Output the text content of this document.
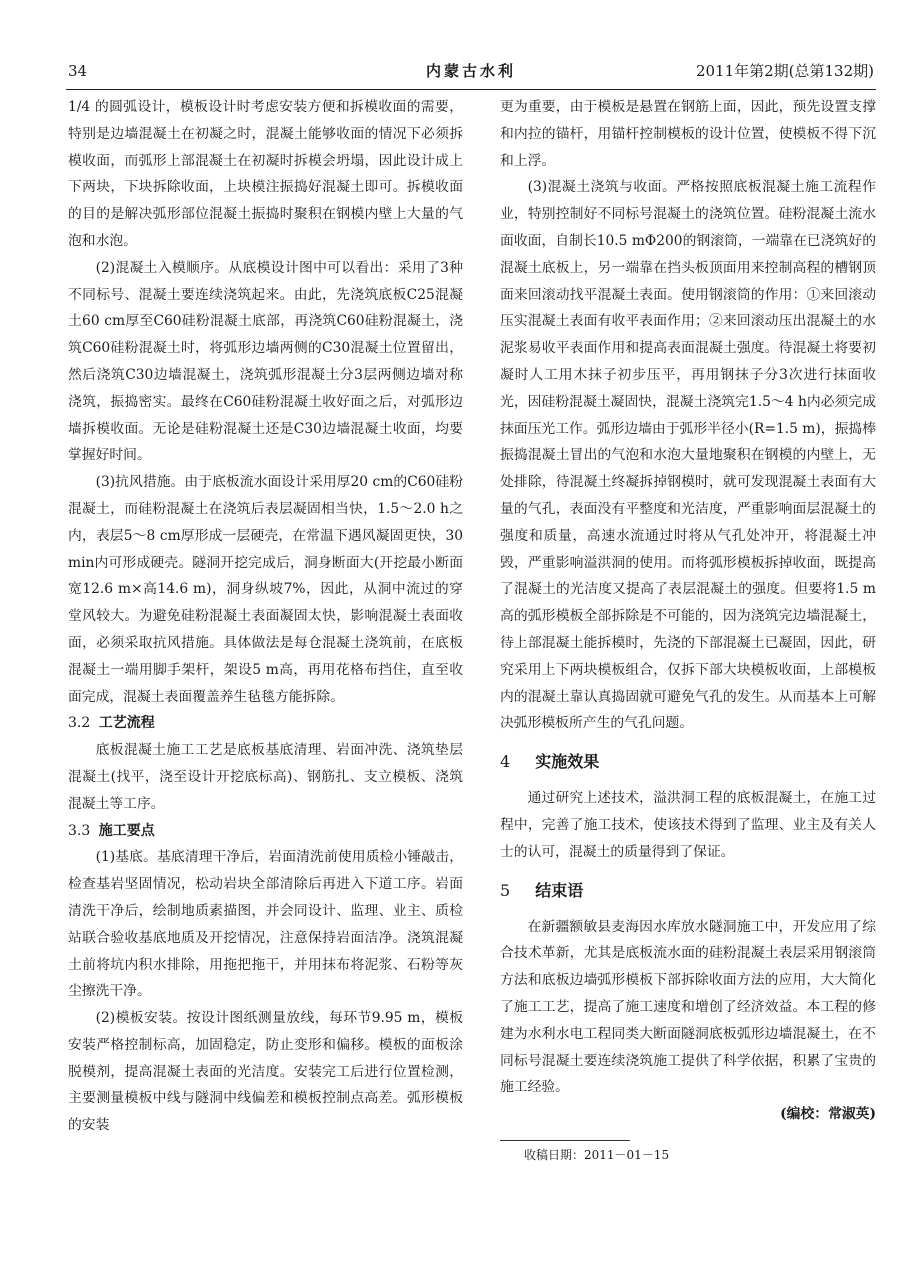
34	内蒙古水利	2011年第2期(总第132期)

1/4 的圆弧设计，模板设计时考虑安装方便和拆模收面的需要，特别是边墙混凝土在初凝之时，混凝土能够收面的情况下必须拆模收面，而弧形上部混凝土在初凝时拆模会坍塌，因此设计成上下两块，下块拆除收面，上块模注振捣好混凝土即可。拆模收面的目的是解决弧形部位混凝土振捣时聚积在钢模内壁上大量的气泡和水泡。

(2)混凝土入模顺序。从底模设计图中可以看出：采用了3种不同标号、混凝土要连续浇筑起来。由此，先浇筑底板C25混凝土60 cm厚至C60硅粉混凝土底部，再浇筑C60硅粉混凝土，浇筑C60硅粉混凝土时，将弧形边墙两侧的C30混凝土位置留出，然后浇筑C30边墙混凝土，浇筑弧形混凝土分3层两侧边墙对称浇筑，振捣密实。最终在C60硅粉混凝土收好面之后，对弧形边墙拆模收面。无论是硅粉混凝土还是C30边墙混凝土收面，均要掌握好时间。

(3)抗风措施。由于底板流水面设计采用厚20 cm的C60硅粉混凝土，而硅粉混凝土在浇筑后表层凝固相当快，1.5～2.0 h之内，表层5～8 cm厚形成一层硬壳，在常温下遇风凝固更快，30 min内可形成硬壳。隧洞开挖完成后，洞身断面大(开挖最小断面宽12.6 m×高14.6 m)，洞身纵坡7%，因此，从洞中流过的穿堂风较大。为避免硅粉混凝土表面凝固太快，影响混凝土表面收面，必须采取抗风措施。具体做法是每仓混凝土浇筑前，在底板混凝土一端用脚手架杆，架设5 m高，再用花格布挡住，直至收面完成，混凝土表面覆盖养生毡毯方能拆除。

3.2 工艺流程

底板混凝土施工工艺是底板基底清理、岩面冲洗、浇筑垫层混凝土(找平，浇至设计开挖底标高)、钢筋扎、支立模板、浇筑混凝土等工序。

3.3 施工要点

(1)基底。基底清理干净后，岩面清洗前使用质检小锤敲击，检查基岩坚固情况，松动岩块全部清除后再进入下道工序。岩面清洗干净后，绘制地质素描图，并会同设计、监理、业主、质检站联合验收基底地质及开挖情况，注意保持岩面洁净。浇筑混凝土前将坑内积水排除，用拖把拖干，并用抹布将泥浆、石粉等灰尘擦洗干净。

(2)模板安装。按设计图纸测量放线，每环节9.95 m，模板安装严格控制标高，加固稳定，防止变形和偏移。模板的面板涂脱模剂，提高混凝土表面的光洁度。安装完工后进行位置检测，主要测量模板中线与隧洞中线偏差和模板控制点高差。弧形模板的安装

更为重要，由于模板是悬置在钢筋上面，因此，预先设置支撑和内拉的锚杆，用锚杆控制模板的设计位置，使模板不得下沉和上浮。

(3)混凝土浇筑与收面。严格按照底板混凝土施工流程作业，特别控制好不同标号混凝土的浇筑位置。硅粉混凝土流水面收面，自制长10.5 mΦ200的钢滚筒，一端靠在已浇筑好的混凝土底板上，另一端靠在挡头板顶面用来控制高程的槽钢顶面来回滚动找平混凝土表面。使用钢滚筒的作用：①来回滚动压实混凝土表面有收平表面作用；②来回滚动压出混凝土的水泥浆易收平表面作用和提高表面混凝土强度。待混凝土将要初凝时人工用木抹子初步压平，再用钢抹子分3次进行抹面收光，因硅粉混凝土凝固快，混凝土浇筑完1.5～4 h内必须完成抹面压光工作。弧形边墙由于弧形半径小(R=1.5 m)，振捣棒振捣混凝土冒出的气泡和水泡大量地聚积在钢模的内壁上，无处排除，待混凝土终凝拆掉钢模时，就可发现混凝土表面有大量的气孔，表面没有平整度和光洁度，严重影响面层混凝土的强度和质量，高速水流通过时将从气孔处冲开，将混凝土冲毁，严重影响溢洪洞的使用。而将弧形模板拆掉收面，既提高了混凝土的光洁度又提高了表层混凝土的强度。但要将1.5 m高的弧形模板全部拆除是不可能的，因为浇筑完边墙混凝土，待上部混凝土能拆模时，先浇的下部混凝土已凝固，因此，研究采用上下两块模板组合，仅拆下部大块模板收面，上部模板内的混凝土靠认真捣固就可避免气孔的发生。从而基本上可解决弧形模板所产生的气孔问题。

4 实施效果

通过研究上述技术，溢洪洞工程的底板混凝土，在施工过程中，完善了施工技术，使该技术得到了监理、业主及有关人士的认可，混凝土的质量得到了保证。

5 结束语

在新疆额敏县麦海因水库放水隧洞施工中，开发应用了综合技术革新，尤其是底板流水面的硅粉混凝土表层采用钢滚筒方法和底板边墙弧形模板下部拆除收面方法的应用，大大简化了施工工艺，提高了施工速度和增创了经济效益。本工程的修建为水利水电工程同类大断面隧洞底板弧形边墙混凝土，在不同标号混凝土要连续浇筑施工提供了科学依据，积累了宝贵的施工经验。

(编校：常淑英)
收稿日期：2011－01－15
